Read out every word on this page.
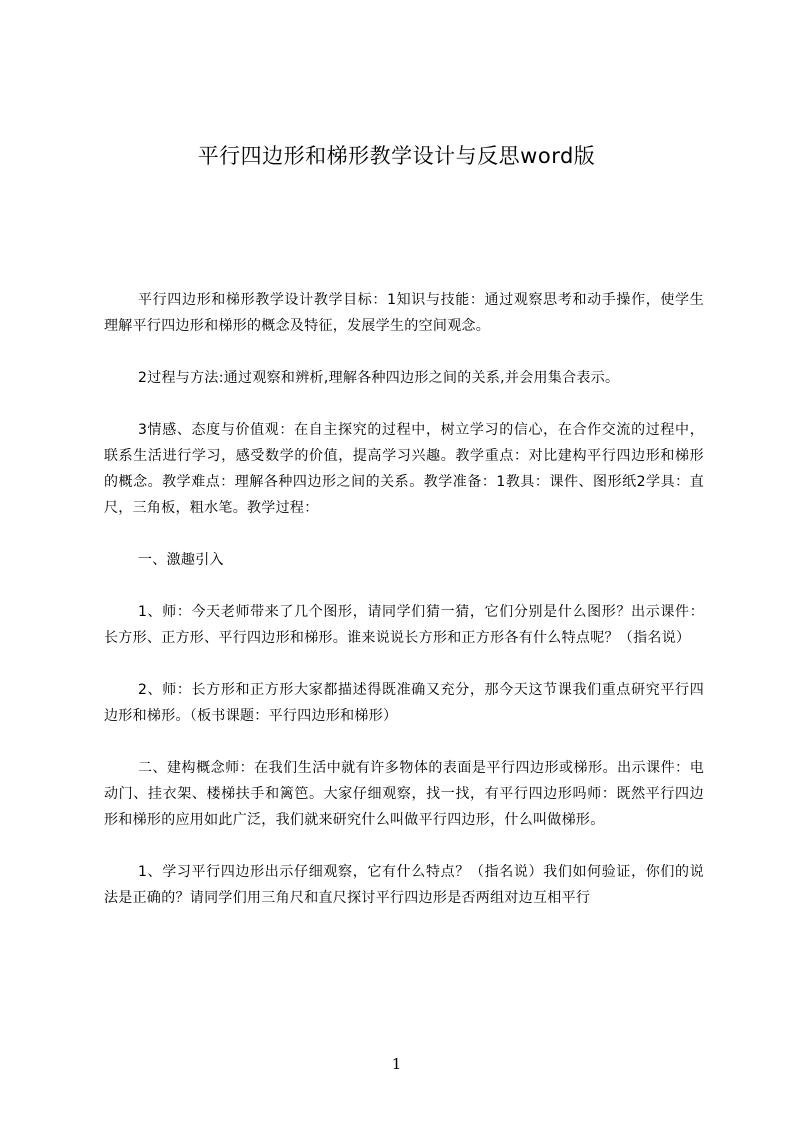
平行四边形和梯形教学设计与反思word版

平行四边形和梯形教学设计教学目标：1知识与技能：通过观察思考和动手操作，使学生理解平行四边形和梯形的概念及特征，发展学生的空间观念。

2过程与方法:通过观察和辨析,理解各种四边形之间的关系,并会用集合表示。

3情感、态度与价值观：在自主探究的过程中，树立学习的信心，在合作交流的过程中，联系生活进行学习，感受数学的价值，提高学习兴趣。教学重点：对比建构平行四边形和梯形的概念。教学难点：理解各种四边形之间的关系。教学准备：1教具：课件、图形纸2学具：直尺，三角板，粗水笔。教学过程：

一、激趣引入

1、师：今天老师带来了几个图形，请同学们猜一猜，它们分别是什么图形？出示课件：长方形、正方形、平行四边形和梯形。谁来说说长方形和正方形各有什么特点呢？（指名说）

2、师：长方形和正方形大家都描述得既准确又充分，那今天这节课我们重点研究平行四边形和梯形。（板书课题：平行四边形和梯形）

二、建构概念师：在我们生活中就有许多物体的表面是平行四边形或梯形。出示课件：电动门、挂衣架、楼梯扶手和篱笆。大家仔细观察，找一找，有平行四边形吗师：既然平行四边形和梯形的应用如此广泛，我们就来研究什么叫做平行四边形，什么叫做梯形。

1、学习平行四边形出示仔细观察，它有什么特点？（指名说）我们如何验证，你们的说法是正确的？请同学们用三角尺和直尺探讨平行四边形是否两组对边互相平行

1
